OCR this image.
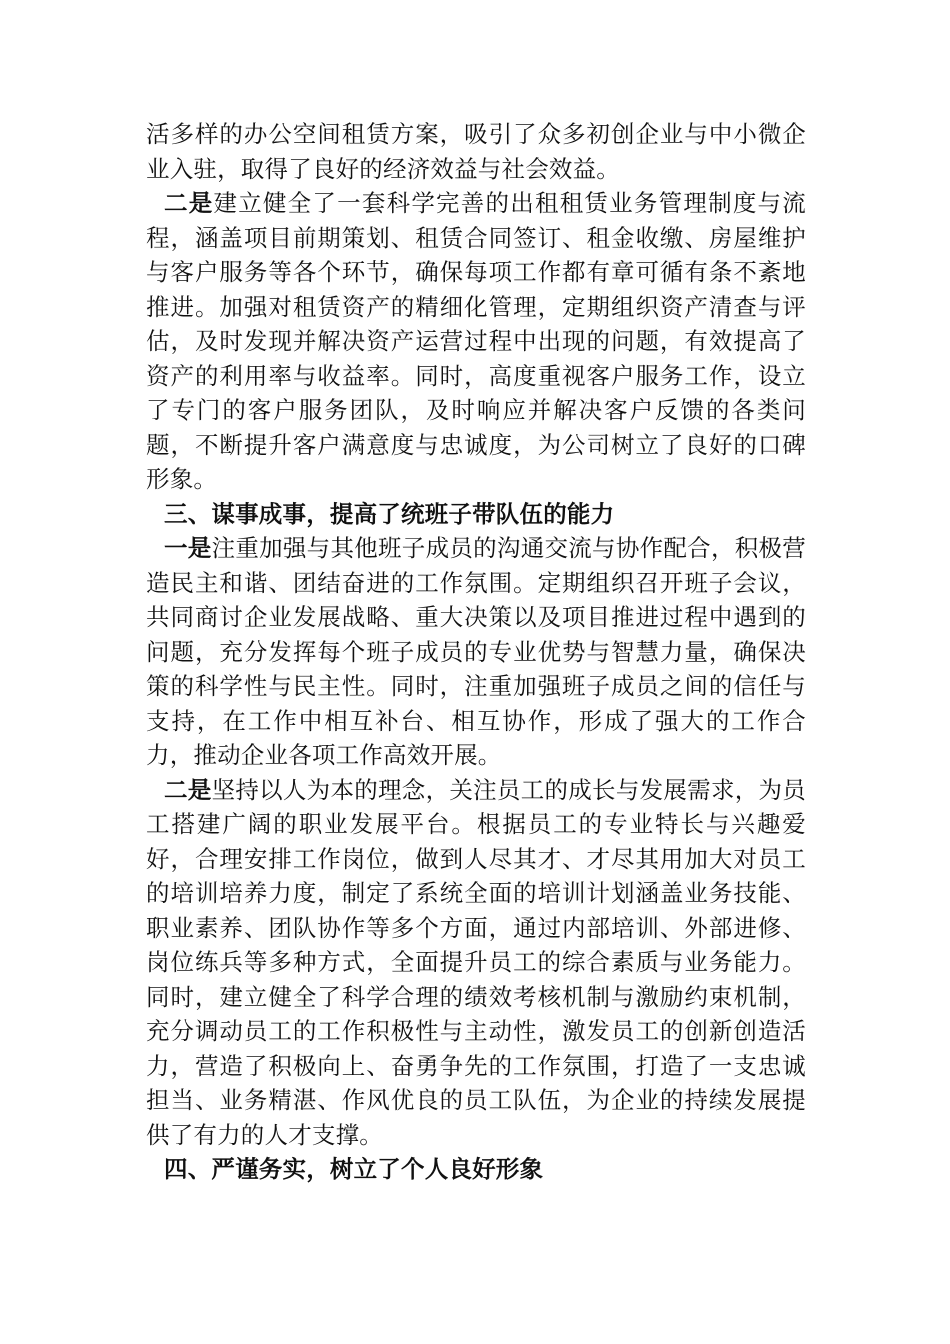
活多样的办公空间租赁方案，吸引了众多初创企业与中小微企业入驻，取得了良好的经济效益与社会效益。

二是建立健全了一套科学完善的出租租赁业务管理制度与流程，涵盖项目前期策划、租赁合同签订、租金收缴、房屋维护与客户服务等各个环节，确保每项工作都有章可循有条不紊地推进。加强对租赁资产的精细化管理，定期组织资产清查与评估，及时发现并解决资产运营过程中出现的问题，有效提高了资产的利用率与收益率。同时，高度重视客户服务工作，设立了专门的客户服务团队，及时响应并解决客户反馈的各类问题，不断提升客户满意度与忠诚度，为公司树立了良好的口碑形象。

三、谋事成事，提高了统班子带队伍的能力

一是注重加强与其他班子成员的沟通交流与协作配合，积极营造民主和谐、团结奋进的工作氛围。定期组织召开班子会议，共同商讨企业发展战略、重大决策以及项目推进过程中遇到的问题，充分发挥每个班子成员的专业优势与智慧力量，确保决策的科学性与民主性。同时，注重加强班子成员之间的信任与支持，在工作中相互补台、相互协作，形成了强大的工作合力，推动企业各项工作高效开展。

二是坚持以人为本的理念，关注员工的成长与发展需求，为员工搭建广阔的职业发展平台。根据员工的专业特长与兴趣爱好，合理安排工作岗位，做到人尽其才、才尽其用加大对员工的培训培养力度，制定了系统全面的培训计划涵盖业务技能、职业素养、团队协作等多个方面，通过内部培训、外部进修、岗位练兵等多种方式，全面提升员工的综合素质与业务能力。同时，建立健全了科学合理的绩效考核机制与激励约束机制，充分调动员工的工作积极性与主动性，激发员工的创新创造活力，营造了积极向上、奋勇争先的工作氛围，打造了一支忠诚担当、业务精湛、作风优良的员工队伍，为企业的持续发展提供了有力的人才支撑。

四、严谨务实，树立了个人良好形象
